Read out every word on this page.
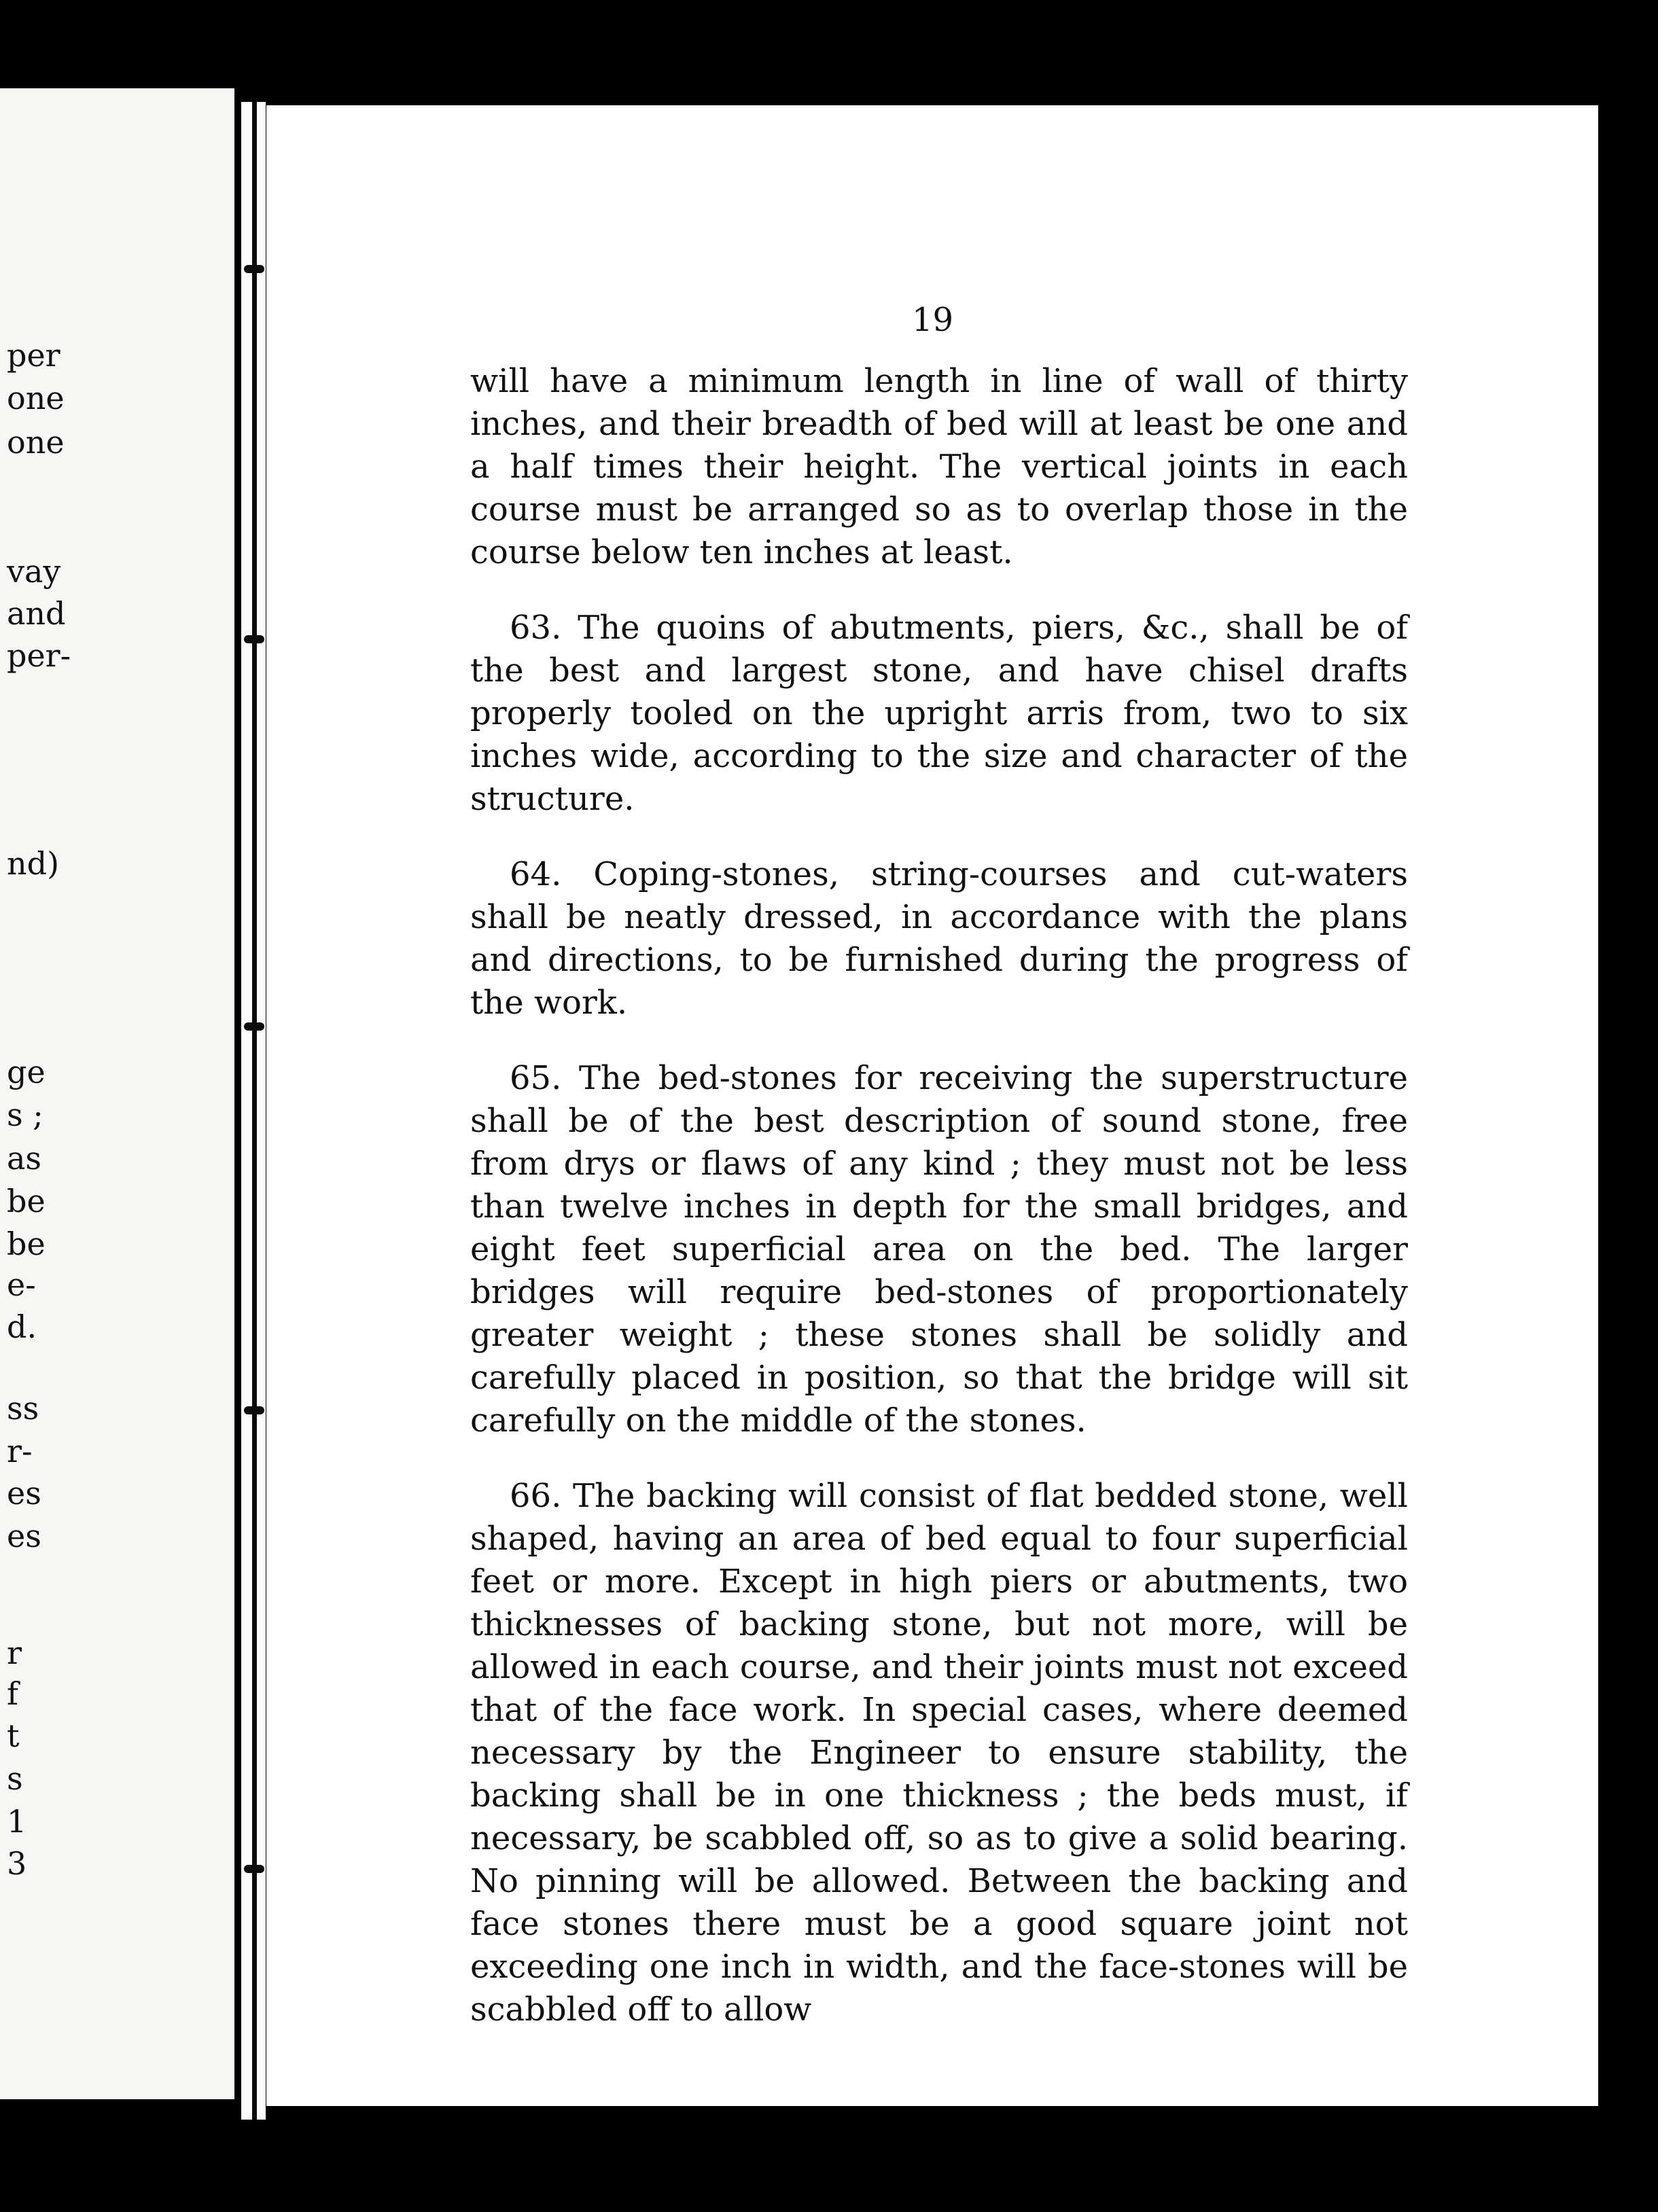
per
one
one
vay
and
per-
nd)
ge
s ;
as
be
be
e-
d.
ss
r-
es
es
r
f
t
s
1
3
19

will have a minimum length in line of wall of thirty inches, and their breadth of bed will at least be one and a half times their height. The vertical joints in each course must be arranged so as to overlap those in the course below ten inches at least.

63. The quoins of abutments, piers, &c., shall be of the best and largest stone, and have chisel drafts properly tooled on the upright arris from, two to six inches wide, according to the size and character of the structure.

64. Coping-stones, string-courses and cut-waters shall be neatly dressed, in accordance with the plans and directions, to be furnished during the progress of the work.

65. The bed-stones for receiving the superstructure shall be of the best description of sound stone, free from drys or flaws of any kind ; they must not be less than twelve inches in depth for the small bridges, and eight feet superficial area on the bed. The larger bridges will require bed-stones of proportionately greater weight ; these stones shall be solidly and carefully placed in position, so that the bridge will sit carefully on the middle of the stones.

66. The backing will consist of flat bedded stone, well shaped, having an area of bed equal to four superficial feet or more. Except in high piers or abutments, two thicknesses of backing stone, but not more, will be allowed in each course, and their joints must not exceed that of the face work. In special cases, where deemed necessary by the Engineer to ensure stability, the backing shall be in one thickness ; the beds must, if necessary, be scabbled off, so as to give a solid bearing. No pinning will be allowed. Between the backing and face stones there must be a good square joint not exceeding one inch in width, and the face-stones will be scabbled off to allow
